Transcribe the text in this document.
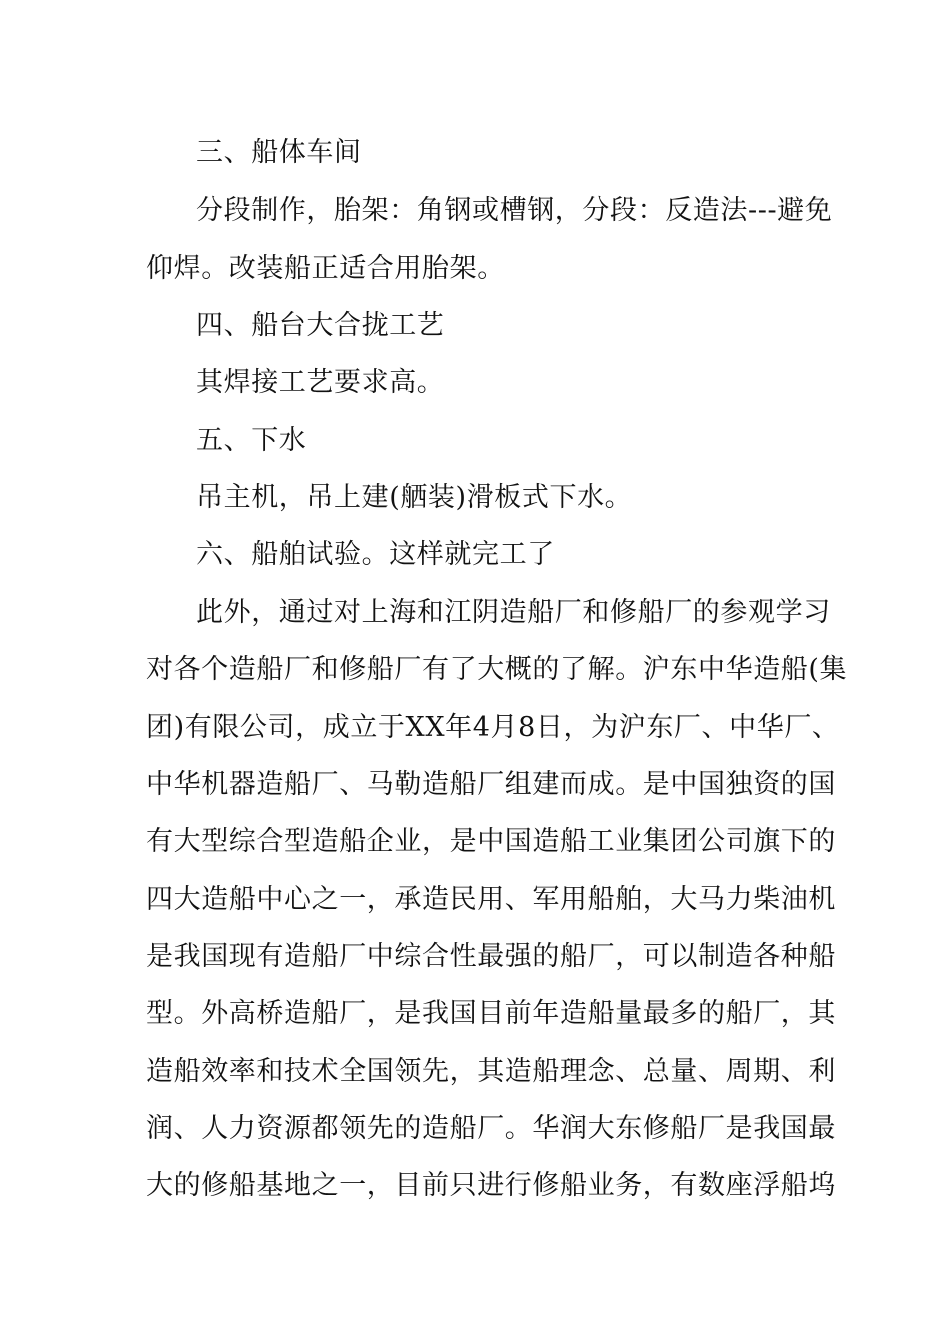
三、船体车间
分段制作，胎架：角钢或槽钢，分段：反造法---避免
仰焊。改装船正适合用胎架。
四、船台大合拢工艺
其焊接工艺要求高。
五、下水
吊主机，吊上建(舾装)滑板式下水。
六、船舶试验。这样就完工了
此外，通过对上海和江阴造船厂和修船厂的参观学习
对各个造船厂和修船厂有了大概的了解。沪东中华造船(集
团)有限公司，成立于XX年4月8日，为沪东厂、中华厂、
中华机器造船厂、马勒造船厂组建而成。是中国独资的国
有大型综合型造船企业，是中国造船工业集团公司旗下的
四大造船中心之一，承造民用、军用船舶，大马力柴油机
是我国现有造船厂中综合性最强的船厂，可以制造各种船
型。外高桥造船厂，是我国目前年造船量最多的船厂，其
造船效率和技术全国领先，其造船理念、总量、周期、利
润、人力资源都领先的造船厂。华润大东修船厂是我国最
大的修船基地之一，目前只进行修船业务，有数座浮船坞
